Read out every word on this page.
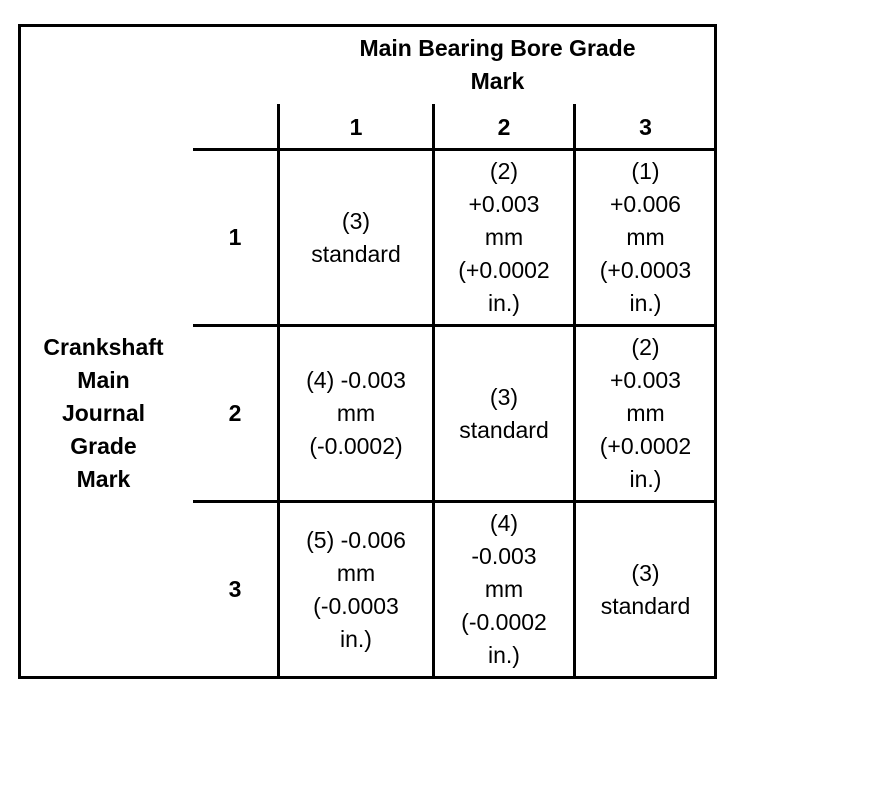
Main Bearing Bore Grade
Mark
1	2	3
Crankshaft
Main
Journal
Grade
Mark
1
2
3
(3)
standard
(2)
+0.003
mm
(+0.0002
in.)
(1)
+0.006
mm
(+0.0003
in.)
(4) -0.003
mm
(-0.0002)
(3)
standard
(2)
+0.003
mm
(+0.0002
in.)
(5) -0.006
mm
(-0.0003
in.)
(4)
-0.003
mm
(-0.0002
in.)
(3)
standard
